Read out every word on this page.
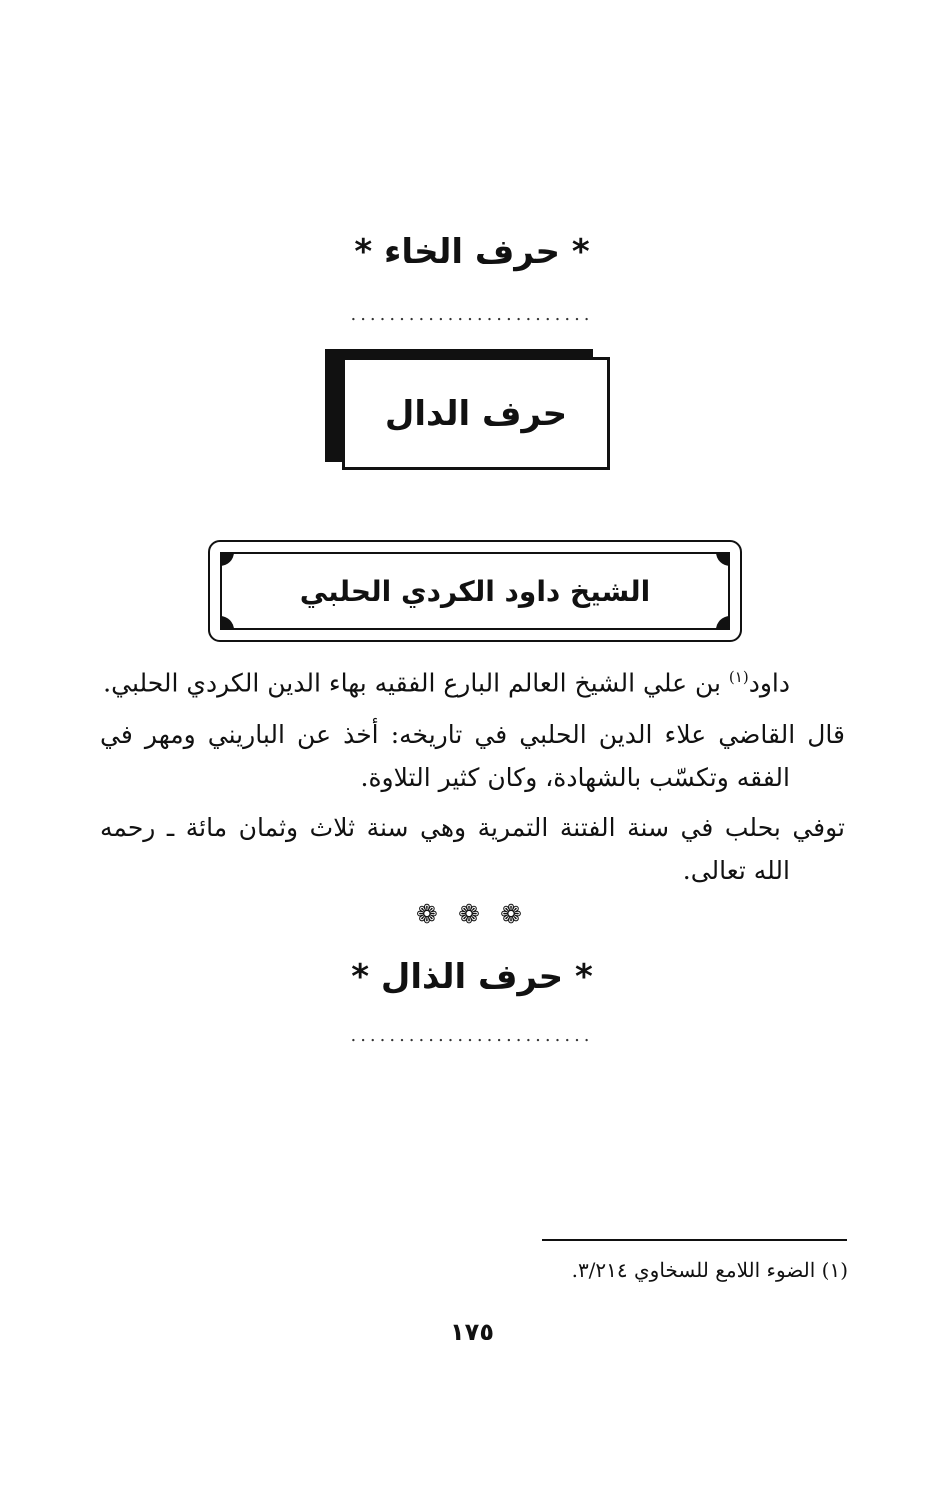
* حرف الخاء *
.........................
حرف الدال
الشيخ داود الكردي الحلبي
داود$^{(١)}$ بن علي الشيخ العالم البارع الفقيه بهاء الدين الكردي الحلبي.
قال القاضي علاء الدين الحلبي في تاريخه: أخذ عن الباريني ومهر في الفقه وتكسّب بالشهادة، وكان كثير التلاوة.
توفي بحلب في سنة الفتنة التمرية وهي سنة ثلاث وثمان مائة ـ رحمه الله تعالى.
❁ ❁ ❁
* حرف الذال *
.........................
(١) الضوء اللامع للسخاوي ٣/٢١٤.
١٧٥
